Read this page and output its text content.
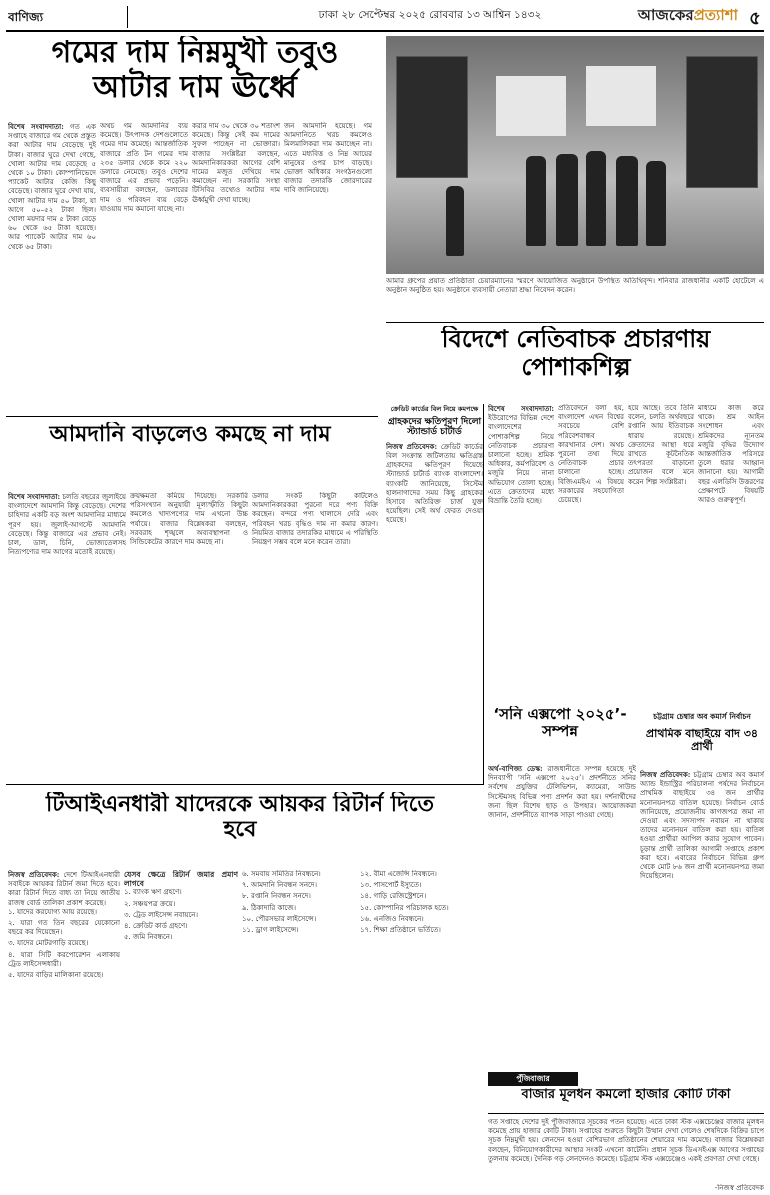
বাণিজ্য	ঢাকা ২৮ সেপ্টেম্বর ২০২৫ রোববার ১৩ আশ্বিন ১৪৩২	আজকেরপ্রত্যাশা ৫
গমের দাম নিম্নমুখী তবুও আটার দাম ঊর্ধ্বে
বিশেষ সংবাদদাতা: গত এক সপ্তাহে বাজারে গম থেকে প্রস্তুত করা আটার দাম বেড়েছে দুই টাকা। বাজার ঘুরে দেখা গেছে, খোলা আটার দাম বেড়েছে ৫ থেকে ১০ টাকা। কোম্পানিভেদে প্যাকেট আটার কেজি কিছু বেড়েছে। বাজার ঘুরে দেখা যায়, খোলা আটার দাম ৫০ টাকা, যা আগে ৫০–৫২ টাকা ছিল। খোলা ময়দার দাম ৫ টাকা বেড়ে ৬০ থেকে ৬৫ টাকা হয়েছে। আর প্যাকেট আটার দাম ৬০ থেকে ৬৫ টাকা।
অথচ গম আমদানির ব্যয় কমেছে। উৎপাদক দেশগুলোতে গমের দাম কমেছে। আন্তর্জাতিক বাজারে প্রতি টন গমের দাম ২৩৫ ডলার থেকে কমে ২২০ ডলারে নেমেছে। তবুও দেশের বাজারে এর প্রভাব পড়েনি। ব্যবসায়ীরা বলছেন, ডলারের দাম ও পরিবহন ব্যয় বেড়ে যাওয়ায় দাম কমানো যাচ্ছে না।
করার দাম ৩০ থেকে ৩০ শতাংশ কমেছে। কিন্তু সেই কম দামের সুফল পাচ্ছেন না ভোক্তারা। বাজার সংশ্লিষ্টরা বলছেন, আমদানিকারকরা আগের বেশি দামের মজুত দেখিয়ে দাম কমাচ্ছেন না। সরকারি সংস্থা টিসিবির তথ্যেও আটার দাম ঊর্ধ্বমুখী দেখা যাচ্ছে।
জন আমদানি হয়েছে। গম আমদানিতে খরচ কমলেও মিলমালিকরা দাম কমাচ্ছেন না। এতে মধ্যবিত্ত ও নিম্ন আয়ের মানুষের ওপর চাপ বাড়ছে। ভোক্তা অধিকার সংগঠনগুলো বাজার তদারকি জোরদারের দাবি জানিয়েছে।
আমার গ্রুপের প্রয়াত প্রতিষ্ঠাতা চেয়ারম্যানের স্মরণে আয়োজিত অনুষ্ঠানে উপস্থিত অতিথিবৃন্দ। শনিবার রাজধানীর একটি হোটেলে এ অনুষ্ঠান অনুষ্ঠিত হয়। অনুষ্ঠানে ব্যবসায়ী নেতারা শ্রদ্ধা নিবেদন করেন।
বিদেশে নেতিবাচক প্রচারণায় পোশাকশিল্প
আমদানি বাড়লেও কমছে না দাম
বিশেষ সংবাদদাতা: চলতি বছরের জুলাইয়ে বাংলাদেশে আমদানি কিন্তু বেড়েছে। দেশের চাহিদার একটি বড় অংশ আমদানির মাধ্যমে পূরণ হয়। জুলাই-আগস্টে আমদানি বেড়েছে। কিন্তু বাজারে এর প্রভাব নেই। চাল, ডাল, চিনি, ভোজ্যতেলসহ নিত্যপণ্যের দাম আগের মতোই রয়েছে।
ক্রয়ক্ষমতা কমিয়ে দিয়েছে। সরকারি পরিসংখ্যান অনুযায়ী মূল্যস্ফীতি কিছুটা কমলেও খাদ্যপণ্যের দাম এখনো উচ্চ পর্যায়ে। বাজার বিশ্লেষকরা বলছেন, সরবরাহ শৃঙ্খলে অব্যবস্থাপনা ও সিন্ডিকেটের কারণে দাম কমছে না।
ডলার সংকট কিছুটা কাটলেও আমদানিকারকরা পুরনো দরে পণ্য বিক্রি করছেন। বন্দরে পণ্য খালাসে দেরি এবং পরিবহন খরচ বৃদ্ধিও দাম না কমার কারণ। নিয়মিত বাজার তদারকির মাধ্যমে এ পরিস্থিতি নিয়ন্ত্রণ সম্ভব বলে মনে করেন তারা।
ক্রেডিট কার্ডের বিল নিয়ে কমপক্ষে
গ্রাহকদের ক্ষতিপূরণ দিলো স্ট্যান্ডার্ড চার্টার্ড
নিজস্ব প্রতিবেদক: ক্রেডিট কার্ডের বিল সংক্রান্ত জটিলতায় ক্ষতিগ্রস্ত গ্রাহকদের ক্ষতিপূরণ দিয়েছে স্ট্যান্ডার্ড চার্টার্ড ব্যাংক বাংলাদেশ। ব্যাংকটি জানিয়েছে, সিস্টেম হালনাগাদের সময় কিছু গ্রাহকের হিসাবে অতিরিক্ত চার্জ যুক্ত হয়েছিল। সেই অর্থ ফেরত দেওয়া হয়েছে।
বিশেষ সংবাদদাতা: ইউরোপের বিভিন্ন দেশে বাংলাদেশের পোশাকশিল্প নিয়ে নেতিবাচক প্রচারণা চালানো হচ্ছে। শ্রমিক অধিকার, কর্মপরিবেশ ও মজুরি নিয়ে নানা অভিযোগ তোলা হচ্ছে। এতে ক্রেতাদের মধ্যে বিভ্রান্তি তৈরি হচ্ছে।
প্রতিবেদনে বলা হয়, বাংলাদেশ এখন বিশ্বের সবচেয়ে বেশি পরিবেশবান্ধব কারখানার দেশ। অথচ পুরনো তথ্য দিয়ে নেতিবাচক প্রচার চালানো হচ্ছে। বিজিএমইএ এ বিষয়ে সরকারের সহযোগিতা চেয়েছে।
হয়ে আছে। তবে তিনি বলেন, চলতি অর্থবছরে রপ্তানি আয় ইতিবাচক ধারায় রয়েছে। ক্রেতাদের আস্থা ধরে রাখতে কূটনৈতিক তৎপরতা বাড়ানো প্রয়োজন বলে মনে করেন শিল্প সংশ্লিষ্টরা।
মাধ্যমে কাজ করে থাকে। শ্রম আইন সংশোধন এবং শ্রমিকদের ন্যূনতম মজুরি বৃদ্ধির উদ্যোগ আন্তর্জাতিক পরিসরে তুলে ধরার আহ্বান জানানো হয়। আগামী বছর এলডিসি উত্তরণের প্রেক্ষাপটে বিষয়টি আরও গুরুত্বপূর্ণ।
‘সনি এক্সপো ২০২৫’-সম্পন্ন
অর্থ-বাণিজ্য ডেস্ক: রাজধানীতে সম্পন্ন হয়েছে দুই দিনব্যাপী ‘সনি এক্সপো ২০২৫’। প্রদর্শনীতে সনির সর্বশেষ প্রযুক্তির টেলিভিশন, ক্যামেরা, সাউন্ড সিস্টেমসহ বিভিন্ন পণ্য প্রদর্শন করা হয়। দর্শনার্থীদের জন্য ছিল বিশেষ ছাড় ও উপহার। আয়োজকরা জানান, প্রদর্শনীতে ব্যাপক সাড়া পাওয়া গেছে।
চট্টগ্রাম চেম্বার অব কমার্স নির্বাচন
প্রাথমিক বাছাইয়ে বাদ ৩৪ প্রার্থী
নিজস্ব প্রতিবেদক: চট্টগ্রাম চেম্বার অব কমার্স অ্যান্ড ইন্ডাস্ট্রির পরিচালনা পর্ষদের নির্বাচনে প্রাথমিক বাছাইয়ে ৩৪ জন প্রার্থীর মনোনয়নপত্র বাতিল হয়েছে। নির্বাচন বোর্ড জানিয়েছে, প্রয়োজনীয় কাগজপত্র জমা না দেওয়া এবং সদস্যপদ নবায়ন না থাকায় তাদের মনোনয়ন বাতিল করা হয়। বাতিল হওয়া প্রার্থীরা আপিল করার সুযোগ পাবেন। চূড়ান্ত প্রার্থী তালিকা আগামী সপ্তাহে প্রকাশ করা হবে। এবারের নির্বাচনে বিভিন্ন গ্রুপ থেকে মোট ৮৬ জন প্রার্থী মনোনয়নপত্র জমা দিয়েছিলেন।
টিআইএনধারী যাদেরকে আয়কর রিটার্ন দিতে হবে
নিজস্ব প্রতিবেদক: দেশে টিআইএনধারী সবাইকে আয়কর রিটার্ন জমা দিতে হবে। কারা রিটার্ন দিতে বাধ্য তা নিয়ে জাতীয় রাজস্ব বোর্ড তালিকা প্রকাশ করেছে।
১. যাদের করযোগ্য আয় রয়েছে।
২. যারা গত তিন বছরের যেকোনো বছরে কর দিয়েছেন।
৩. যাদের মোটরগাড়ি রয়েছে।
৪. যারা সিটি করপোরেশন এলাকায় ট্রেড লাইসেন্সধারী।
৫. যাদের বাড়ির মালিকানা রয়েছে।
যেসব ক্ষেত্রে রিটার্ন জমার প্রমাণ লাগবে
১. ব্যাংক ঋণ গ্রহণে।
২. সঞ্চয়পত্র ক্রয়ে।
৩. ট্রেড লাইসেন্স নবায়নে।
৪. ক্রেডিট কার্ড গ্রহণে।
৫. জমি নিবন্ধনে।
৬. সমবায় সমিতির নিবন্ধনে।
৭. আমদানি নিবন্ধন সনদে।
৮. রপ্তানি নিবন্ধন সনদে।
৯. ঠিকাদারি কাজে।
১০. পৌরসভার লাইসেন্সে।
১১. ড্রাগ লাইসেন্সে।
১২. বীমা এজেন্সি নিবন্ধনে।
১৩. পাসপোর্ট ইস্যুতে।
১৪. গাড়ি রেজিস্ট্রেশনে।
১৫. কোম্পানির পরিচালক হতে।
১৬. এনজিও নিবন্ধনে।
১৭. শিক্ষা প্রতিষ্ঠানে ভর্তিতে।
পুঁজিবাজার
বাজার মূলধন কমলো হাজার কোটি টাকা
গত সপ্তাহে দেশের দুই পুঁজিবাজারে সূচকের পতন হয়েছে। এতে ঢাকা স্টক এক্সচেঞ্জের বাজার মূলধন কমেছে প্রায় হাজার কোটি টাকা। সপ্তাহের শুরুতে কিছুটা উত্থান দেখা গেলেও শেষদিকে বিক্রির চাপে সূচক নিম্নমুখী হয়। লেনদেন হওয়া বেশিরভাগ প্রতিষ্ঠানের শেয়ারের দাম কমেছে। বাজার বিশ্লেষকরা বলছেন, বিনিয়োগকারীদের আস্থার সংকট এখনো কাটেনি। প্রধান সূচক ডিএসইএক্স আগের সপ্তাহের তুলনায় কমেছে। দৈনিক গড় লেনদেনও কমেছে। চট্টগ্রাম স্টক এক্সচেঞ্জেও একই প্রবণতা দেখা গেছে।
-নিজস্ব প্রতিবেদক
